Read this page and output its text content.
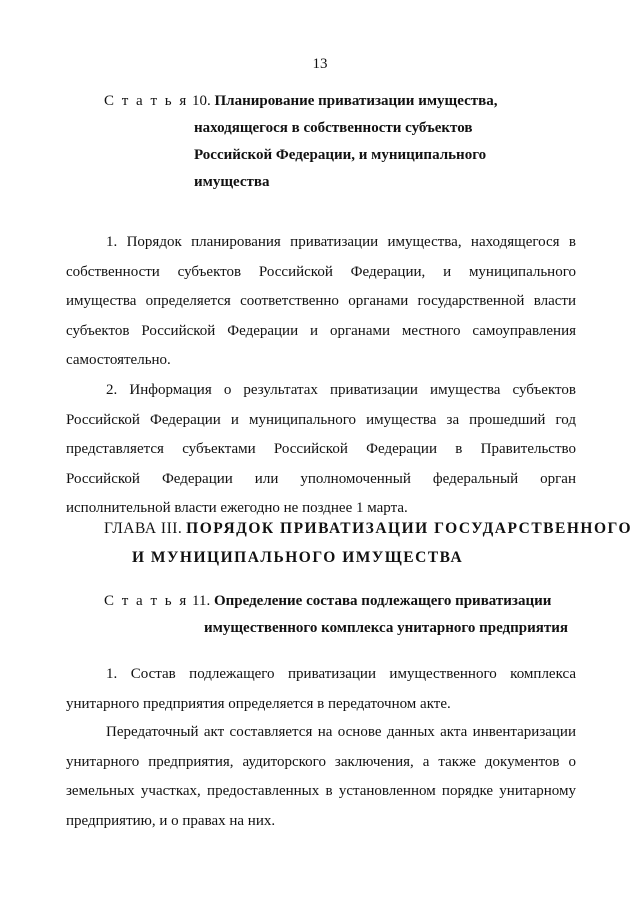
13
С т а т ь я 10. Планирование приватизации имущества,
находящегося в собственности субъектов
Российской Федерации, и муниципального
имущества

1. Порядок планирования приватизации имущества, находящегося в собственности субъектов Российской Федерации, и муниципального имущества определяется соответственно органами государственной власти субъектов Российской Федерации и органами местного самоуправления самостоятельно.

2. Информация о результатах приватизации имущества субъектов Российской Федерации и муниципального имущества за прошедший год представляется субъектами Российской Федерации в Правительство Российской Федерации или уполномоченный федеральный орган исполнительной власти ежегодно не позднее 1 марта.

ГЛАВА III. ПОРЯДОК ПРИВАТИЗАЦИИ ГОСУДАРСТВЕННОГО
И МУНИЦИПАЛЬНОГО ИМУЩЕСТВА
С т а т ь я 11. Определение состава подлежащего приватизации
имущественного комплекса унитарного предприятия

1. Состав подлежащего приватизации имущественного комплекса унитарного предприятия определяется в передаточном акте.

Передаточный акт составляется на основе данных акта инвентаризации унитарного предприятия, аудиторского заключения, а также документов о земельных участках, предоставленных в установленном порядке унитарному предприятию, и о правах на них.
